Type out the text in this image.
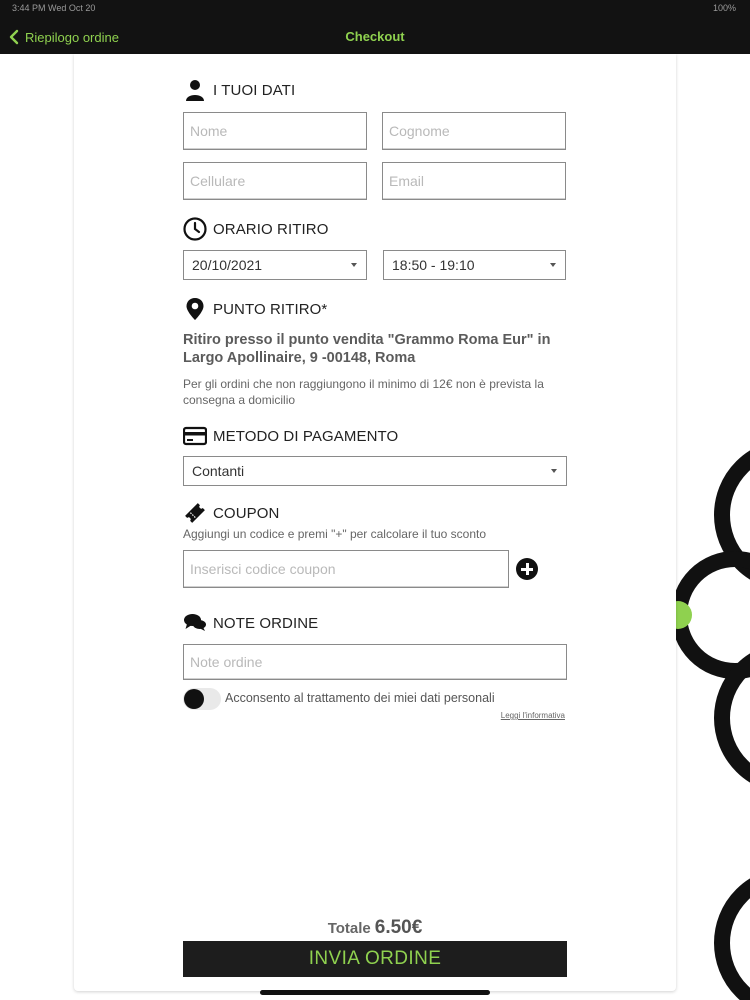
3:44 PM Wed Oct 20	100%
Riepilogo ordine	Checkout
I TUOI DATI
Nome
Cognome
Cellulare
Email
ORARIO RITIRO
20/10/2021	18:50 - 19:10
PUNTO RITIRO*
Ritiro presso il punto vendita "Grammo Roma Eur" in Largo Apollinaire, 9 -00148, Roma
Per gli ordini che non raggiungono il minimo di 12€ non è prevista la consegna a domicilio
METODO DI PAGAMENTO
Contanti
COUPON
Aggiungi un codice e premi "+" per calcolare il tuo sconto
Inserisci codice coupon
NOTE ORDINE
Note ordine
Acconsento al trattamento dei miei dati personali
Leggi l'informativa
Totale 6.50€
INVIA ORDINE
